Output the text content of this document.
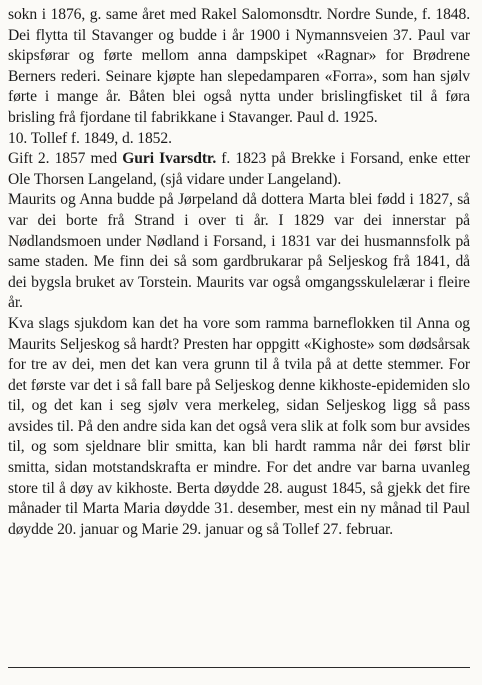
sokn i 1876, g. same året med Rakel Salomonsdtr. Nordre Sunde, f. 1848. Dei flytta til Stavanger og budde i år 1900 i Nymannsveien 37. Paul var skipsførar og førte mellom anna dampskipet «Ragnar» for Brødrene Berners rederi. Seinare kjøpte han slepedamparen «Forra», som han sjølv førte i mange år. Båten blei også nytta under brislingfisket til å føra brisling frå fjordane til fabrikkane i Stavanger. Paul d. 1925.

10. Tollef f. 1849, d. 1852.

Gift 2. 1857 med Guri Ivarsdtr. f. 1823 på Brekke i Forsand, enke etter Ole Thorsen Langeland, (sjå vidare under Langeland).

Maurits og Anna budde på Jørpeland då dottera Marta blei fødd i 1827, så var dei borte frå Strand i over ti år. I 1829 var dei innerstar på Nødlandsmoen under Nødland i Forsand, i 1831 var dei husmannsfolk på same staden. Me finn dei så som gardbrukarar på Seljeskog frå 1841, då dei bygsla bruket av Torstein. Maurits var også omgangsskulelærar i fleire år.

Kva slags sjukdom kan det ha vore som ramma barneflokken til Anna og Maurits Seljeskog så hardt? Presten har oppgitt «Kighoste» som dødsårsak for tre av dei, men det kan vera grunn til å tvila på at dette stemmer. For det første var det i så fall bare på Seljeskog denne kikhoste-epidemiden slo til, og det kan i seg sjølv vera merkeleg, sidan Seljeskog ligg så pass avsides til. På den andre sida kan det også vera slik at folk som bur avsides til, og som sjeldnare blir smitta, kan bli hardt ramma når dei først blir smitta, sidan motstandskrafta er mindre. For det andre var barna uvanleg store til å døy av kikhoste. Berta døydde 28. august 1845, så gjekk det fire månader til Marta Maria døydde 31. desember, mest ein ny månad til Paul døydde 20. januar og Marie 29. januar og så Tollef 27. februar.
